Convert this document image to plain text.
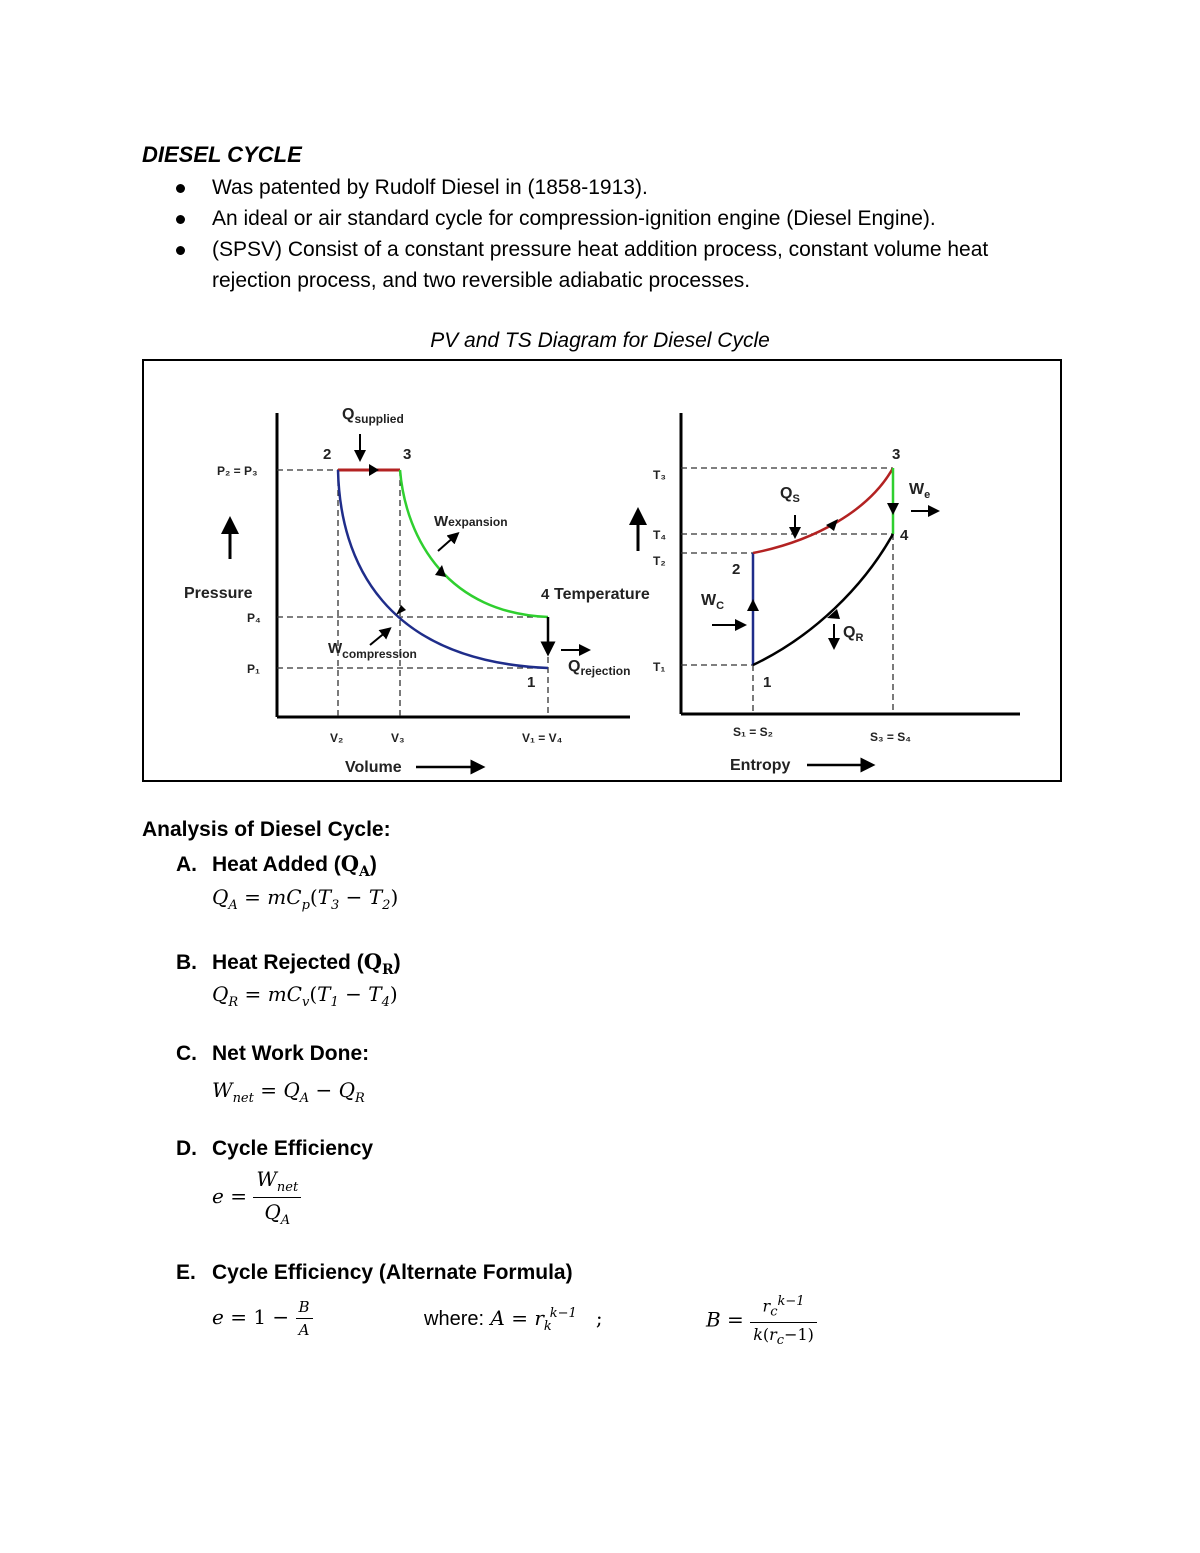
DIESEL CYCLE
Was patented by Rudolf Diesel in (1858-1913).
An ideal or air standard cycle for compression-ignition engine (Diesel Engine).
(SPSV) Consist of a constant pressure heat addition process, constant volume heat rejection process, and two reversible adiabatic processes.
PV and TS Diagram for Diesel Cycle
$Q_{supplied}$
2	3
4
1
Wexpansion
$W_{compression}$
$Q_{rejection}$
Pressure
P₂ = P₃
P₄
P₁
V₂	V₃	V₁ = V₄
Volume
3
4
2
1
$Q_S$
$W_e$
$W_C$
$Q_R$
Temperature
T₃
T₄
T₂
T₁
S₁ = S₂	S₃ = S₄
Entropy
Analysis of Diesel Cycle:
A. Heat Added $(Q_A)$
$Q_A = mC_p(T_3 - T_2)$
B. Heat Rejected $(Q_R)$
$Q_R = mC_v(T_1 - T_4)$
C. Net Work Done:
$W_{net} = Q_A - Q_R$
D. Cycle Efficiency
$e = \frac{W_{net}}{Q_A}$
E. Cycle Efficiency (Alternate Formula)
$e = 1 - \frac{B}{A}$	where: $A = r_k^{k-1}$   ;	$B = \frac{r_c^{k-1}}{k(r_c-1)}$
